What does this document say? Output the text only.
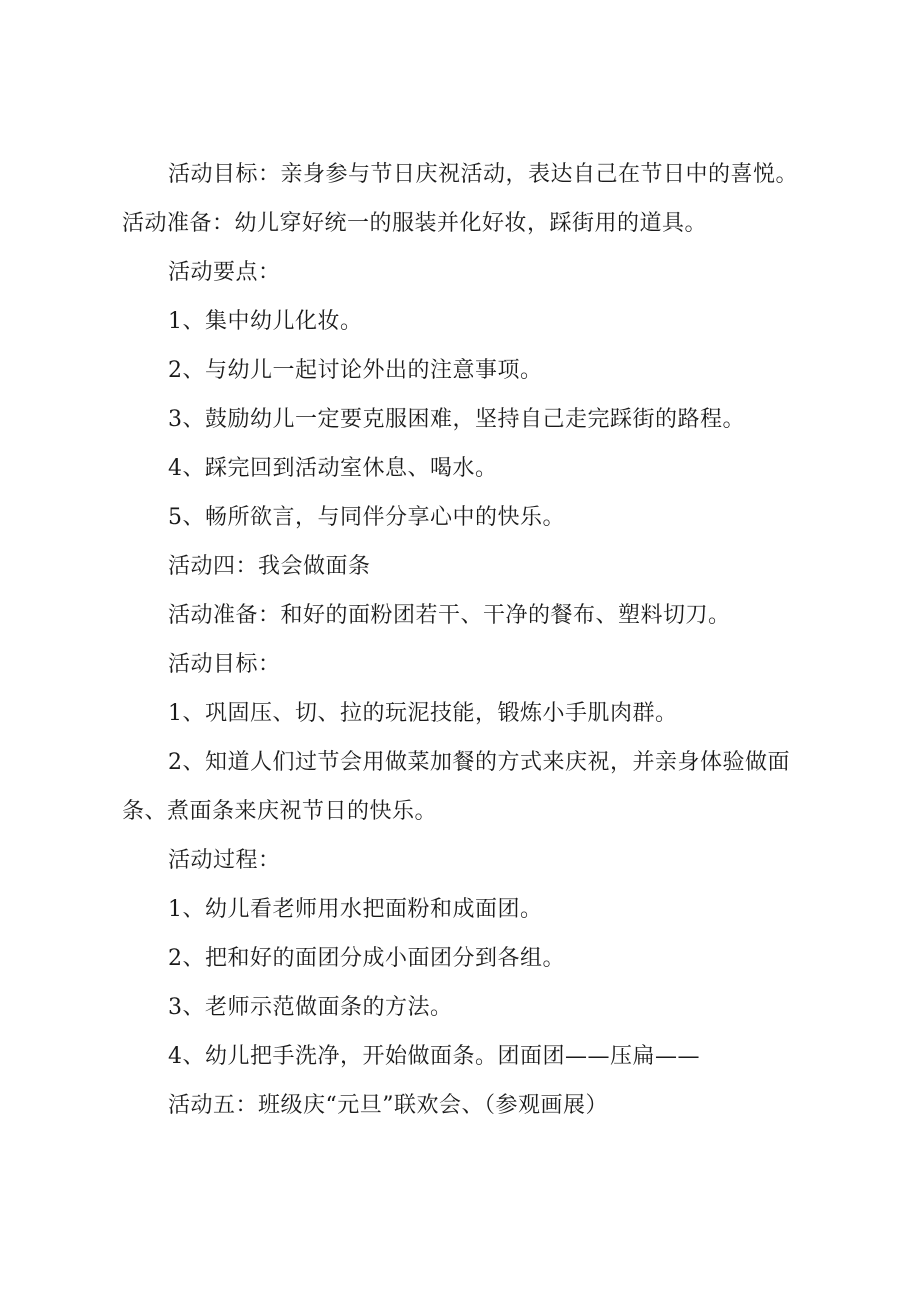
活动目标：亲身参与节日庆祝活动，表达自己在节日中的喜悦。活动准备：幼儿穿好统一的服装并化好妆，踩街用的道具。

活动要点：

1、集中幼儿化妆。

2、与幼儿一起讨论外出的注意事项。

3、鼓励幼儿一定要克服困难，坚持自己走完踩街的路程。

4、踩完回到活动室休息、喝水。

5、畅所欲言，与同伴分享心中的快乐。

活动四：我会做面条

活动准备：和好的面粉团若干、干净的餐布、塑料切刀。

活动目标：

1、巩固压、切、拉的玩泥技能，锻炼小手肌肉群。

2、知道人们过节会用做菜加餐的方式来庆祝，并亲身体验做面条、煮面条来庆祝节日的快乐。

活动过程：

1、幼儿看老师用水把面粉和成面团。

2、把和好的面团分成小面团分到各组。

3、老师示范做面条的方法。

4、幼儿把手洗净，开始做面条。团面团——压扁——

活动五：班级庆“元旦”联欢会、（参观画展）
